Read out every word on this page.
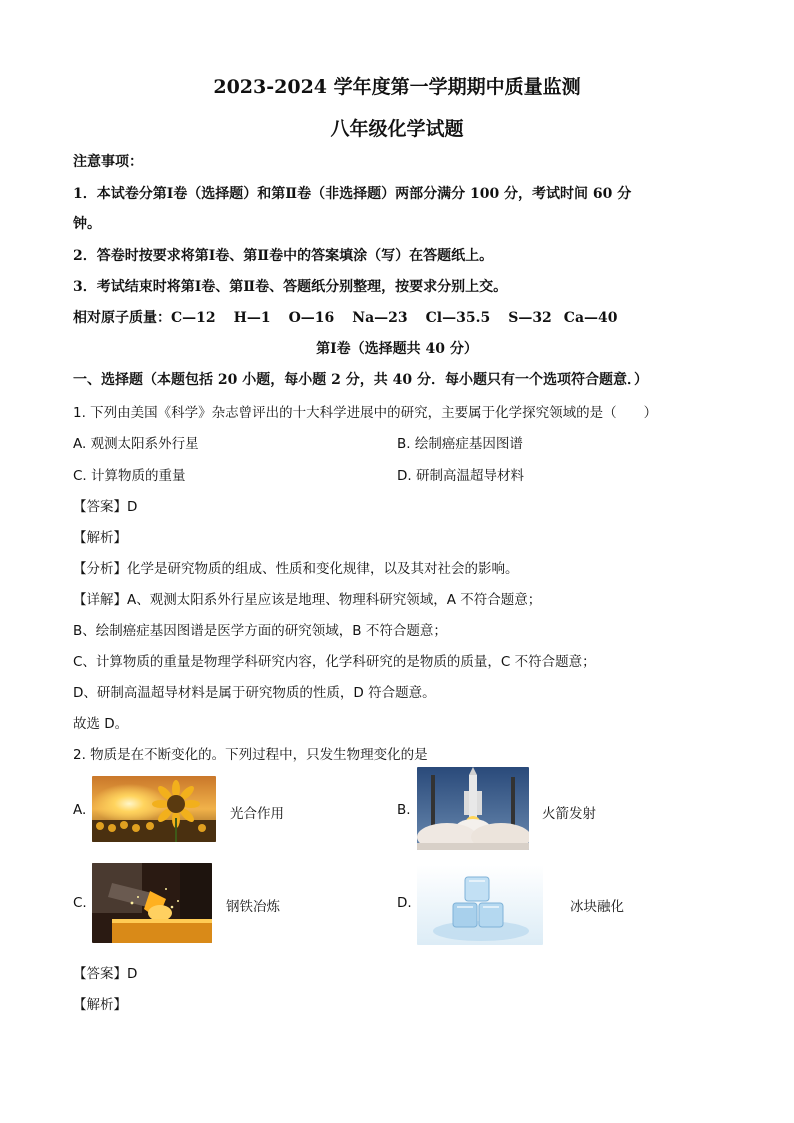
2023-2024 学年度第一学期期中质量监测
八年级化学试题
注意事项：
1．本试卷分第Ⅰ卷（选择题）和第Ⅱ卷（非选择题）两部分满分 100 分，考试时间 60 分
钟。
2．答卷时按要求将第Ⅰ卷、第Ⅱ卷中的答案填涂（写）在答题纸上。
3．考试结束时将第Ⅰ卷、第Ⅱ卷、答题纸分别整理，按要求分别上交。
相对原子质量：C—12 H—1 O—16 Na—23 Cl—35.5 S—32 Ca—40
第Ⅰ卷（选择题共 40 分）
一、选择题（本题包括 20 小题，每小题 2 分，共 40 分．每小题只有一个选项符合题意．）
1. 下列由美国《科学》杂志曾评出的十大科学进展中的研究，主要属于化学探究领域的是（　　）
A. 观测太阳系外行星	B. 绘制癌症基因图谱
C. 计算物质的重量	D. 研制高温超导材料
【答案】D
【解析】
【分析】化学是研究物质的组成、性质和变化规律，以及其对社会的影响。
【详解】A、观测太阳系外行星应该是地理、物理科研究领域，A 不符合题意；
B、绘制癌症基因图谱是医学方面的研究领域，B 不符合题意；
C、计算物质的重量是物理学科研究内容，化学科研究的是物质的质量，C 不符合题意；
D、研制高温超导材料是属于研究物质的性质，D 符合题意。
故选 D。
2. 物质是在不断变化的。下列过程中，只发生物理变化的是
A.	光合作用	B.	火箭发射
C.	钢铁冶炼	D.	冰块融化
【答案】D
【解析】
